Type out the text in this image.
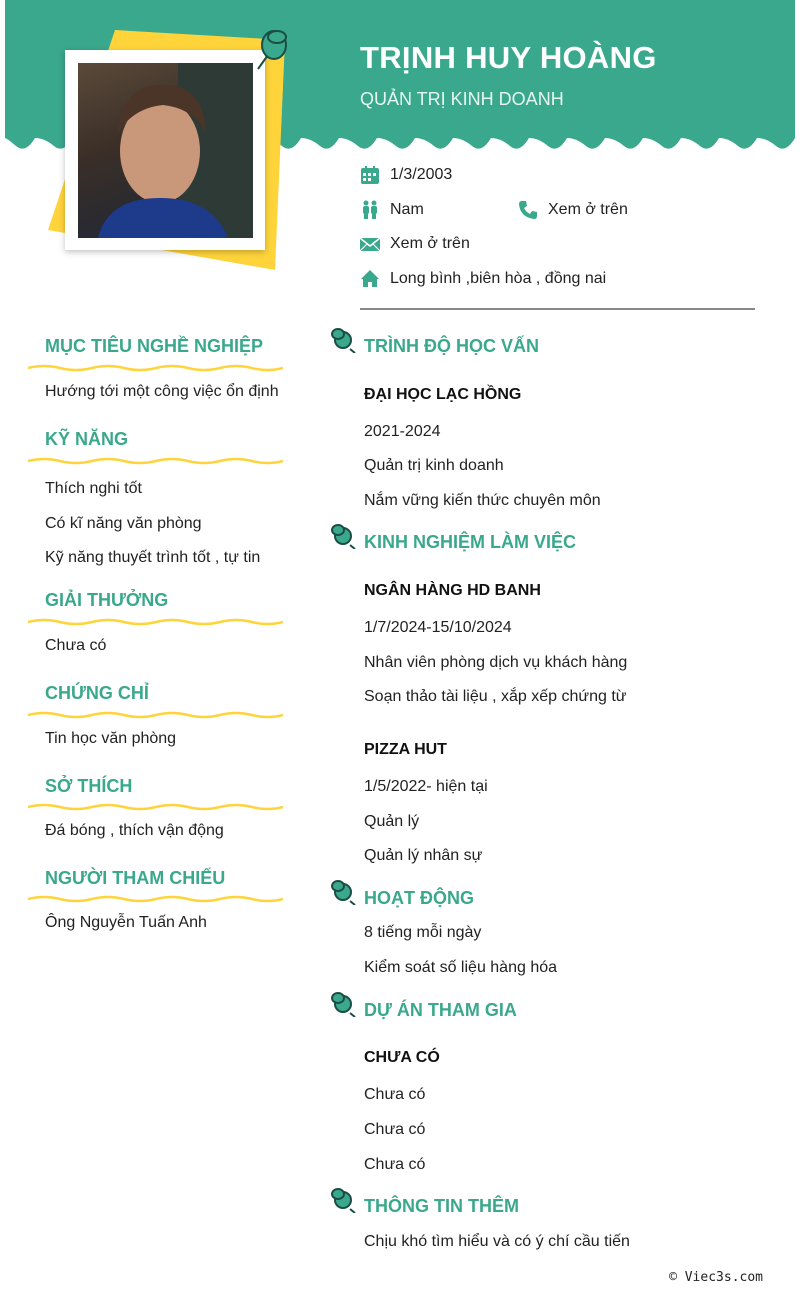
TRỊNH HUY HOÀNG
QUẢN TRỊ KINH DOANH
1/3/2003
Nam	Xem ở trên
Xem ở trên
Long bình ,biên hòa , đồng nai
MỤC TIÊU NGHỀ NGHIỆP
Hướng tới một công việc ổn định
KỸ NĂNG
Thích nghi tốt
Có kĩ năng văn phòng
Kỹ năng thuyết trình tốt , tự tin
GIẢI THƯỞNG
Chưa có
CHỨNG CHỈ
Tin học văn phòng
SỞ THÍCH
Đá bóng , thích vận động
NGƯỜI THAM CHIẾU
Ông Nguyễn Tuấn Anh
TRÌNH ĐỘ HỌC VẤN
ĐẠI HỌC LẠC HỒNG
2021-2024
Quản trị kinh doanh
Nắm vững kiến thức chuyên môn
KINH NGHIỆM LÀM VIỆC
NGÂN HÀNG HD BANH
1/7/2024-15/10/2024
Nhân viên phòng dịch vụ khách hàng
Soạn thảo tài liệu , xắp xếp chứng từ
PIZZA HUT
1/5/2022- hiện tại
Quản lý
Quản lý nhân sự
HOẠT ĐỘNG
8 tiếng mỗi ngày
Kiểm soát số liệu hàng hóa
DỰ ÁN THAM GIA
CHƯA CÓ
Chưa có
Chưa có
Chưa có
THÔNG TIN THÊM
Chịu khó tìm hiểu và có ý chí cầu tiến
© Viec3s.com
